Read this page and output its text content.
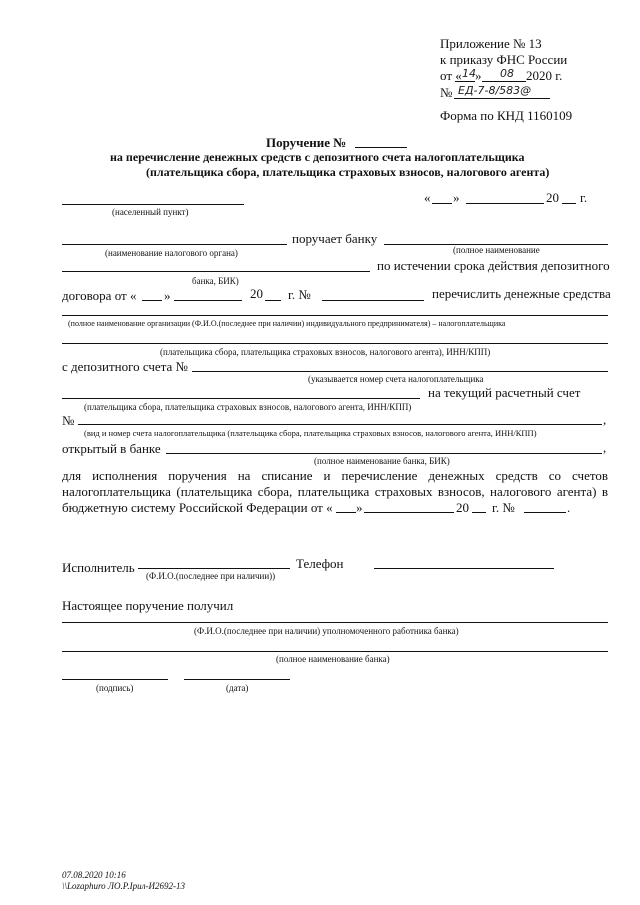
Приложение № 13
к приказу ФНС России
от « 14 » 08 2020 г.
№ ЕД-7-8/583@
Форма по КНД 1160109
Поручение №
на перечисление денежных средств с депозитного счета налогоплательщика
(плательщика сбора, плательщика страховых взносов, налогового агента)
(населенный пункт)
« »	20 г.
поручает банку
(наименование налогового органа)	(полное наименование
по истечении срока действия депозитного
банка, БИК)
договора от « »	20 г. №	перечислить денежные средства
(полное наименование организации (Ф.И.О.(последнее при наличии) индивидуального предпринимателя) – налогоплательщика
(плательщика сбора, плательщика страховых взносов, налогового агента), ИНН/КПП)
с депозитного счета №
(указывается номер счета налогоплательщика
на текущий расчетный счет
(плательщика сбора, плательщика страховых взносов, налогового агента, ИНН/КПП)
№	,
(вид и номер счета налогоплательщика (плательщика сбора, плательщика страховых взносов, налогового агента, ИНН/КПП)
открытый в банке	,
(полное наименование банка, БИК)
для исполнения поручения на списание и перечисление денежных средств со счетов
налогоплательщика (плательщика сбора, плательщика страховых взносов, налогового агента) в
бюджетную систему Российской Федерации от « »	20 г. №	.
Исполнитель
(Ф.И.О.(последнее при наличии))
Телефон
Настоящее поручение получил
(Ф.И.О.(последнее при наличии) уполномоченного работника банка)
(полное наименование банка)
(подпись)	(дата)
07.08.2020 10:16
\\Lozaphuro ЛО.Р.Ірил-И2692-13
